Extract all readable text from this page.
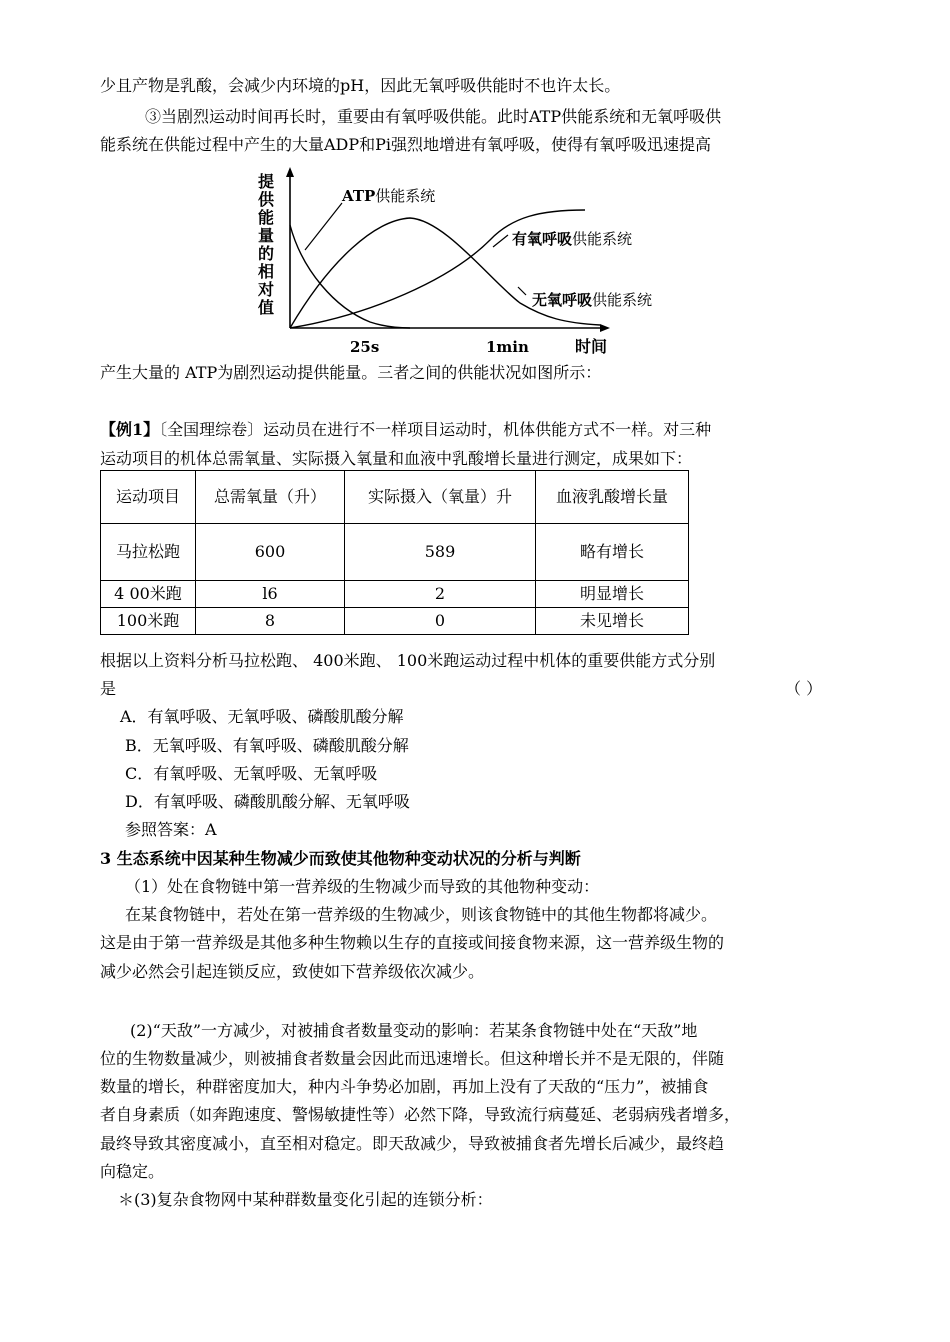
少且产物是乳酸，会减少内环境的pH，因此无氧呼吸供能时不也许太长。
③当剧烈运动时间再长时，重要由有氧呼吸供能。此时ATP供能系统和无氧呼吸供
能系统在供能过程中产生的大量ADP和Pi强烈地增进有氧呼吸，使得有氧呼吸迅速提高
提供能量的相对值
ATP供能系统
有氧呼吸供能系统
无氧呼吸供能系统
25s	1min	时间
产生大量的 ATP为剧烈运动提供能量。三者之间的供能状况如图所示：
【例1】〔全国理综卷〕运动员在进行不一样项目运动时，机体供能方式不一样。对三种
运动项目的机体总需氧量、实际摄入氧量和血液中乳酸增长量进行测定，成果如下：
运动项目	总需氧量（升）	实际摄入（氧量）升	血液乳酸增长量
马拉松跑	600	589	略有增长
4 00米跑	l6	2	明显增长
100米跑	8	0	未见增长
根据以上资料分析马拉松跑、 400米跑、 100米跑运动过程中机体的重要供能方式分别
是	（ ）
A．有氧呼吸、无氧呼吸、磷酸肌酸分解
B．无氧呼吸、有氧呼吸、磷酸肌酸分解
C．有氧呼吸、无氧呼吸、无氧呼吸
D．有氧呼吸、磷酸肌酸分解、无氧呼吸
参照答案：A
3 生态系统中因某种生物减少而致使其他物种变动状况的分析与判断
（1）处在食物链中第一营养级的生物减少而导致的其他物种变动：
在某食物链中，若处在第一营养级的生物减少，则该食物链中的其他生物都将减少。
这是由于第一营养级是其他多种生物赖以生存的直接或间接食物来源，这一营养级生物的
减少必然会引起连锁反应，致使如下营养级依次减少。
(2)“天敌”一方减少，对被捕食者数量变动的影响：若某条食物链中处在“天敌”地
位的生物数量减少，则被捕食者数量会因此而迅速增长。但这种增长并不是无限的，伴随
数量的增长，种群密度加大，种内斗争势必加剧，再加上没有了天敌的“压力”，被捕食
者自身素质（如奔跑速度、警惕敏捷性等）必然下降，导致流行病蔓延、老弱病残者增多，
最终导致其密度减小，直至相对稳定。即天敌减少，导致被捕食者先增长后减少，最终趋
向稳定。
＊(3)复杂食物网中某种群数量变化引起的连锁分析：
